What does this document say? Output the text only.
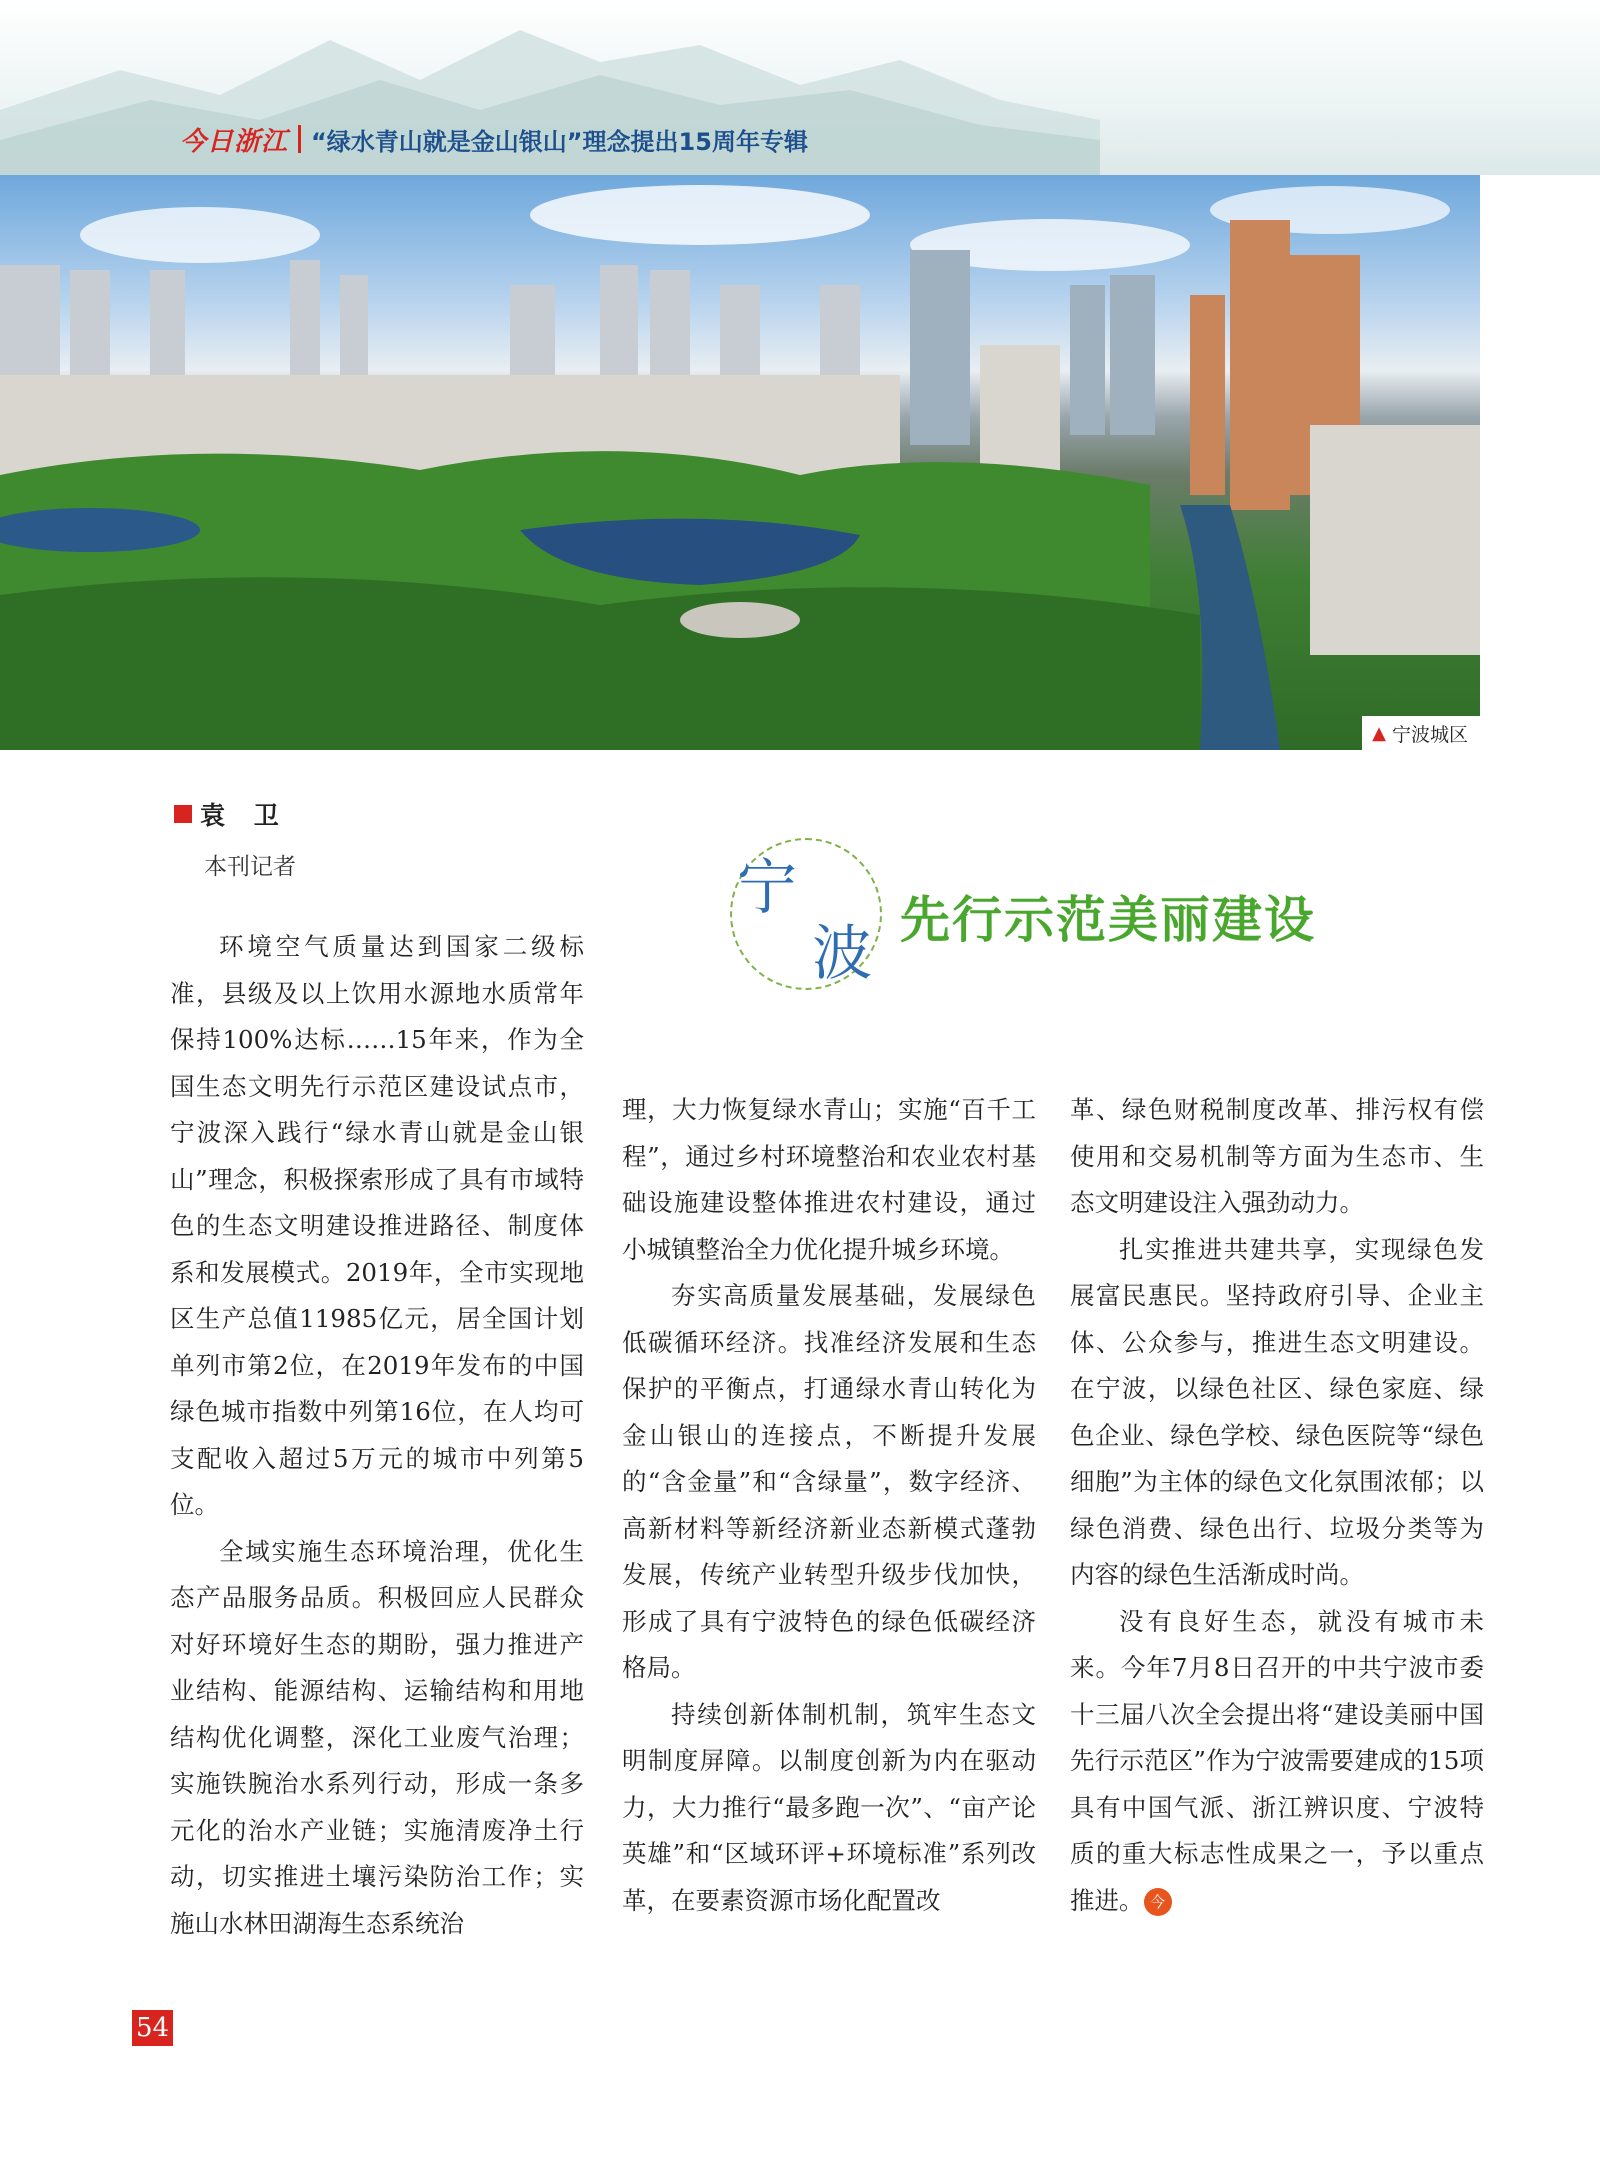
今日浙江 “绿水青山就是金山银山”理念提出15周年专辑
▲ 宁波城区
袁 卫
本刊记者	宁
波 先行示范美丽建设

环境空气质量达到国家二级标准，县级及以上饮用水源地水质常年保持100%达标……15年来，作为全国生态文明先行示范区建设试点市，宁波深入践行“绿水青山就是金山银山”理念，积极探索形成了具有市域特色的生态文明建设推进路径、制度体系和发展模式。2019年，全市实现地区生产总值11985亿元，居全国计划单列市第2位，在2019年发布的中国绿色城市指数中列第16位，在人均可支配收入超过5万元的城市中列第5位。

全域实施生态环境治理，优化生态产品服务品质。积极回应人民群众对好环境好生态的期盼，强力推进产业结构、能源结构、运输结构和用地结构优化调整，深化工业废气治理；实施铁腕治水系列行动，形成一条多元化的治水产业链；实施清废净土行动，切实推进土壤污染防治工作；实施山水林田湖海生态系统治

理，大力恢复绿水青山；实施“百千工程”，通过乡村环境整治和农业农村基础设施建设整体推进农村建设，通过小城镇整治全力优化提升城乡环境。

夯实高质量发展基础，发展绿色低碳循环经济。找准经济发展和生态保护的平衡点，打通绿水青山转化为金山银山的连接点，不断提升发展的“含金量”和“含绿量”，数字经济、高新材料等新经济新业态新模式蓬勃发展，传统产业转型升级步伐加快，形成了具有宁波特色的绿色低碳经济格局。

持续创新体制机制，筑牢生态文明制度屏障。以制度创新为内在驱动力，大力推行“最多跑一次”、“亩产论英雄”和“区域环评+环境标准”系列改革，在要素资源市场化配置改

革、绿色财税制度改革、排污权有偿使用和交易机制等方面为生态市、生态文明建设注入强劲动力。

扎实推进共建共享，实现绿色发展富民惠民。坚持政府引导、企业主体、公众参与，推进生态文明建设。在宁波，以绿色社区、绿色家庭、绿色企业、绿色学校、绿色医院等“绿色细胞”为主体的绿色文化氛围浓郁；以绿色消费、绿色出行、垃圾分类等为内容的绿色生活渐成时尚。

没有良好生态，就没有城市未来。今年7月8日召开的中共宁波市委十三届八次全会提出将“建设美丽中国先行示范区”作为宁波需要建成的15项具有中国气派、浙江辨识度、宁波特质的重大标志性成果之一，予以重点推进。 今

54
